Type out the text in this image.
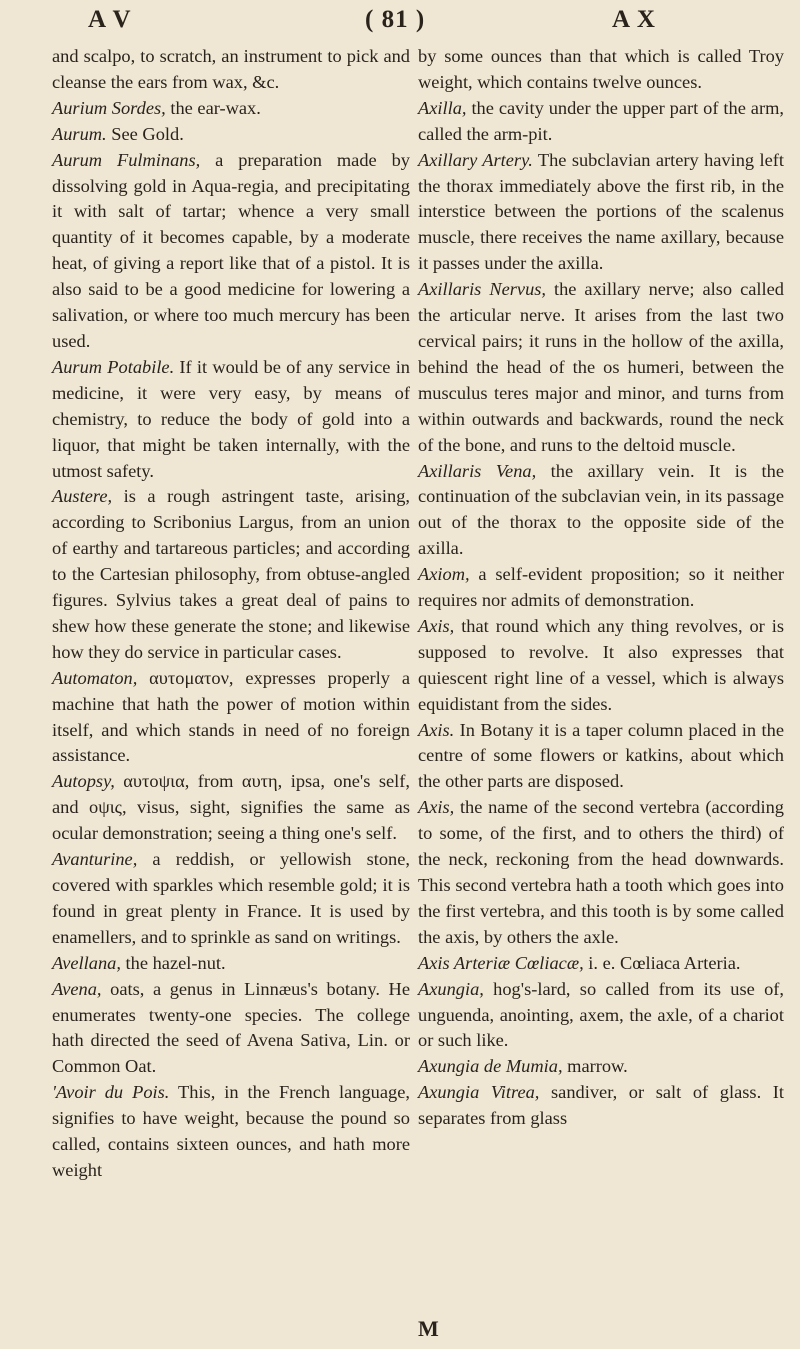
A V	( 81 )	A X

and scalpo, to scratch, an instrument to pick and cleanse the ears from wax, &c.

Aurium Sordes, the ear-wax.

Aurum. See Gold.

Aurum Fulminans, a preparation made by dissolving gold in Aqua-regia, and precipitating it with salt of tartar; whence a very small quantity of it becomes capable, by a moderate heat, of giving a report like that of a pistol. It is also said to be a good medicine for lowering a salivation, or where too much mercury has been used.

Aurum Potabile. If it would be of any service in medicine, it were very easy, by means of chemistry, to reduce the body of gold into a liquor, that might be taken internally, with the utmost safety.

Austere, is a rough astringent taste, arising, according to Scribonius Largus, from an union of earthy and tartareous particles; and according to the Cartesian philosophy, from obtuse-angled figures. Sylvius takes a great deal of pains to shew how these generate the stone; and likewise how they do service in particular cases.

Automaton, αυτοματον, expresses properly a machine that hath the power of motion within itself, and which stands in need of no foreign assistance.

Autopsy, αυτοψια, from αυτη, ipsa, one's self, and οψις, visus, sight, signifies the same as ocular demonstration; seeing a thing one's self.

Avanturine, a reddish, or yellowish stone, covered with sparkles which resemble gold; it is found in great plenty in France. It is used by enamellers, and to sprinkle as sand on writings.

Avellana, the hazel-nut.

Avena, oats, a genus in Linnæus's botany. He enumerates twenty-one species. The college hath directed the seed of Avena Sativa, Lin. or Common Oat.

'Avoir du Pois. This, in the French language, signifies to have weight, because the pound so called, contains sixteen ounces, and hath more weight

by some ounces than that which is called Troy weight, which contains twelve ounces.

Axilla, the cavity under the upper part of the arm, called the arm-pit.

Axillary Artery. The subclavian artery having left the thorax immediately above the first rib, in the interstice between the portions of the scalenus muscle, there receives the name axillary, because it passes under the axilla.

Axillaris Nervus, the axillary nerve; also called the articular nerve. It arises from the last two cervical pairs; it runs in the hollow of the axilla, behind the head of the os humeri, between the musculus teres major and minor, and turns from within outwards and backwards, round the neck of the bone, and runs to the deltoid muscle.

Axillaris Vena, the axillary vein. It is the continuation of the subclavian vein, in its passage out of the thorax to the opposite side of the axilla.

Axiom, a self-evident proposition; so it neither requires nor admits of demonstration.

Axis, that round which any thing revolves, or is supposed to revolve. It also expresses that quiescent right line of a vessel, which is always equidistant from the sides.

Axis. In Botany it is a taper column placed in the centre of some flowers or katkins, about which the other parts are disposed.

Axis, the name of the second vertebra (according to some, of the first, and to others the third) of the neck, reckoning from the head downwards. This second vertebra hath a tooth which goes into the first vertebra, and this tooth is by some called the axis, by others the axle.

Axis Arteriæ Cœliacæ, i. e. Cœliaca Arteria.

Axungia, hog's-lard, so called from its use of, unguenda, anointing, axem, the axle, of a chariot or such like.

Axungia de Mumia, marrow.

Axungia Vitrea, sandiver, or salt of glass. It separates from glass

M
